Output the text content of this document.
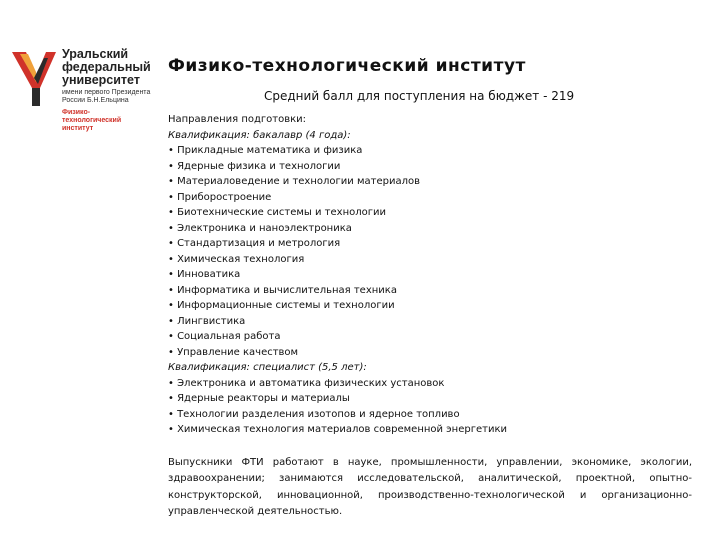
Уральский
федеральный
университет
имени первого Президента
России Б.Н.Ельцина
Физико-
технологический
институт
Физико-технологический институт
Средний балл для поступления на бюджет - 219
Направления подготовки:
Квалификация: бакалавр (4 года):
• Прикладные математика и физика
• Ядерные физика и технологии
• Материаловедение и технологии материалов
• Приборостроение
• Биотехнические системы и технологии
• Электроника и наноэлектроника
• Стандартизация и метрология
• Химическая технология
• Инноватика
• Информатика и вычислительная техника
• Информационные системы и технологии
• Лингвистика
• Социальная работа
• Управление качеством
Квалификация: специалист (5,5 лет):
• Электроника и автоматика физических установок
• Ядерные реакторы и материалы
• Технологии разделения изотопов и ядерное топливо
• Химическая технология материалов современной энергетики
Выпускники ФТИ работают в науке, промышленности, управлении, экономике, экологии, здравоохранении; занимаются исследовательской, аналитической, проектной, опытно-конструкторской, инновационной, производственно-технологической и организационно-управленческой деятельностью.
